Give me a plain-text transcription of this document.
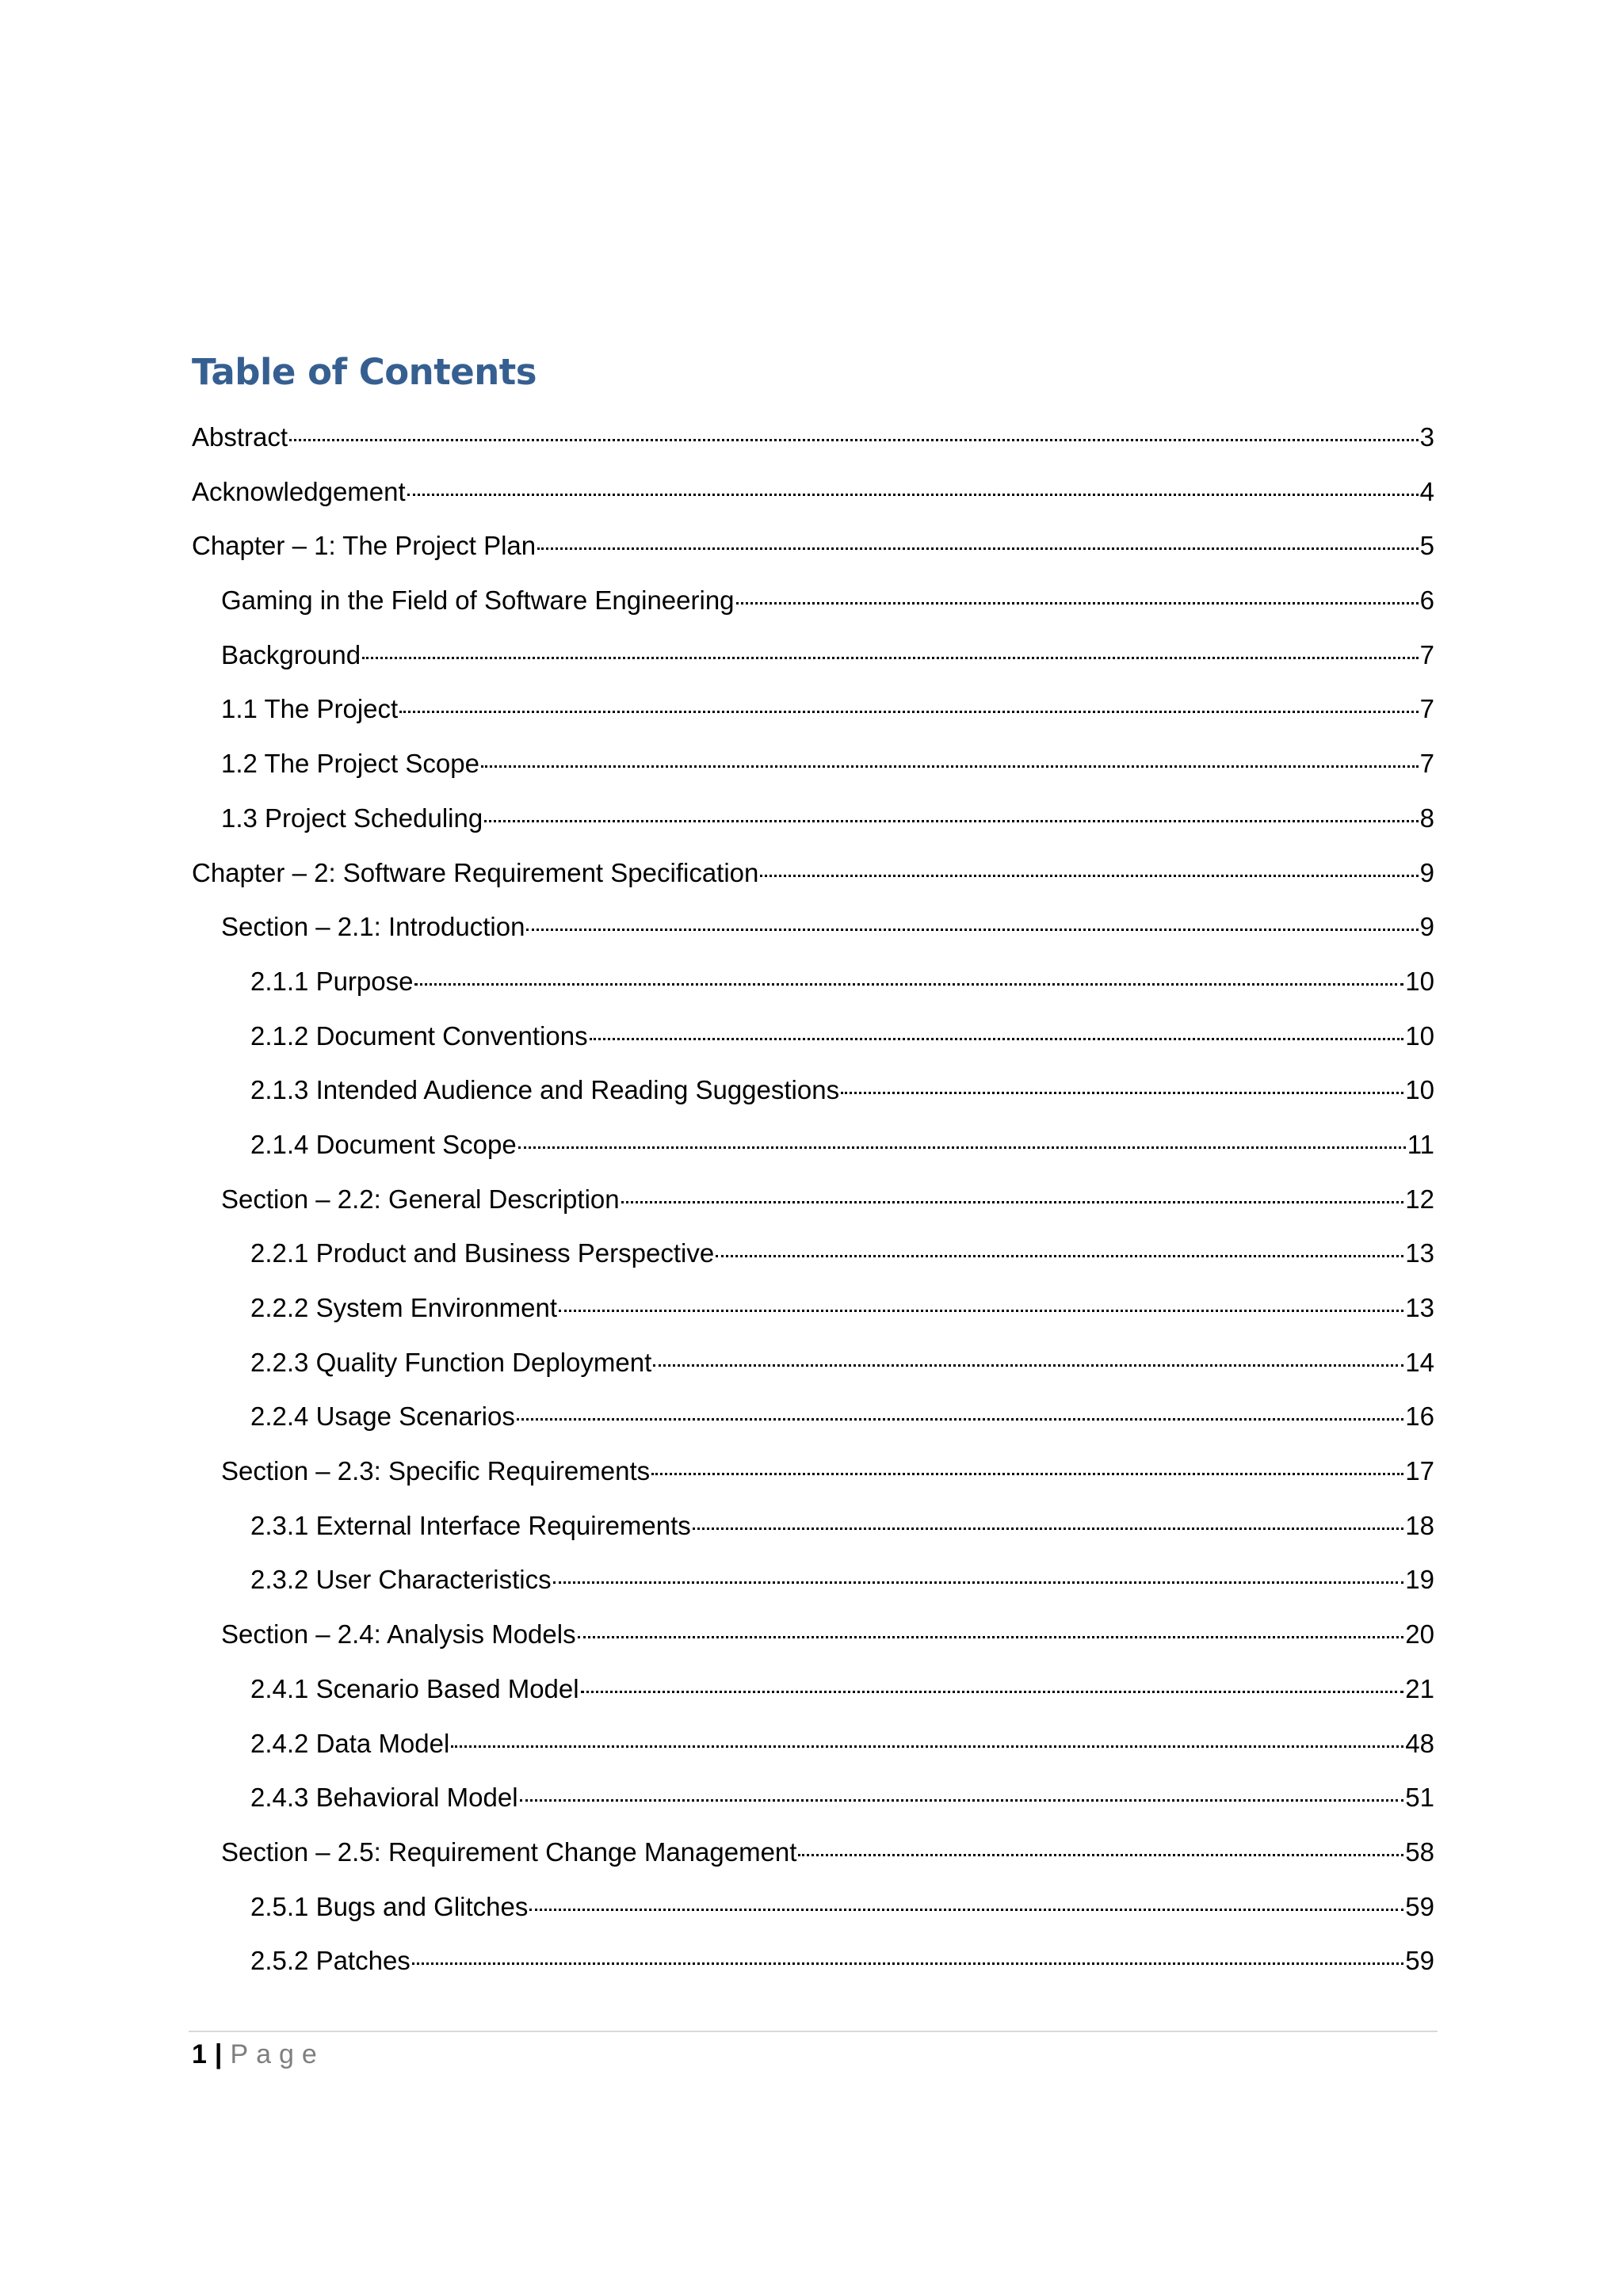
Table of Contents
Abstract	3
Acknowledgement	4
Chapter – 1: The Project Plan	5
Gaming in the Field of Software Engineering	6
Background	7
1.1 The Project	7
1.2 The Project Scope	7
1.3 Project Scheduling	8
Chapter – 2: Software Requirement Specification	9
Section – 2.1: Introduction	9
2.1.1 Purpose	10
2.1.2 Document Conventions	10
2.1.3 Intended Audience and Reading Suggestions	10
2.1.4 Document Scope	11
Section – 2.2: General Description	12
2.2.1 Product and Business Perspective	13
2.2.2 System Environment	13
2.2.3 Quality Function Deployment	14
2.2.4 Usage Scenarios	16
Section – 2.3: Specific Requirements	17
2.3.1 External Interface Requirements	18
2.3.2 User Characteristics	19
Section – 2.4: Analysis Models	20
2.4.1 Scenario Based Model	21
2.4.2 Data Model	48
2.4.3 Behavioral Model	51
Section – 2.5: Requirement Change Management	58
2.5.1 Bugs and Glitches	59
2.5.2 Patches	59
1 | Page
